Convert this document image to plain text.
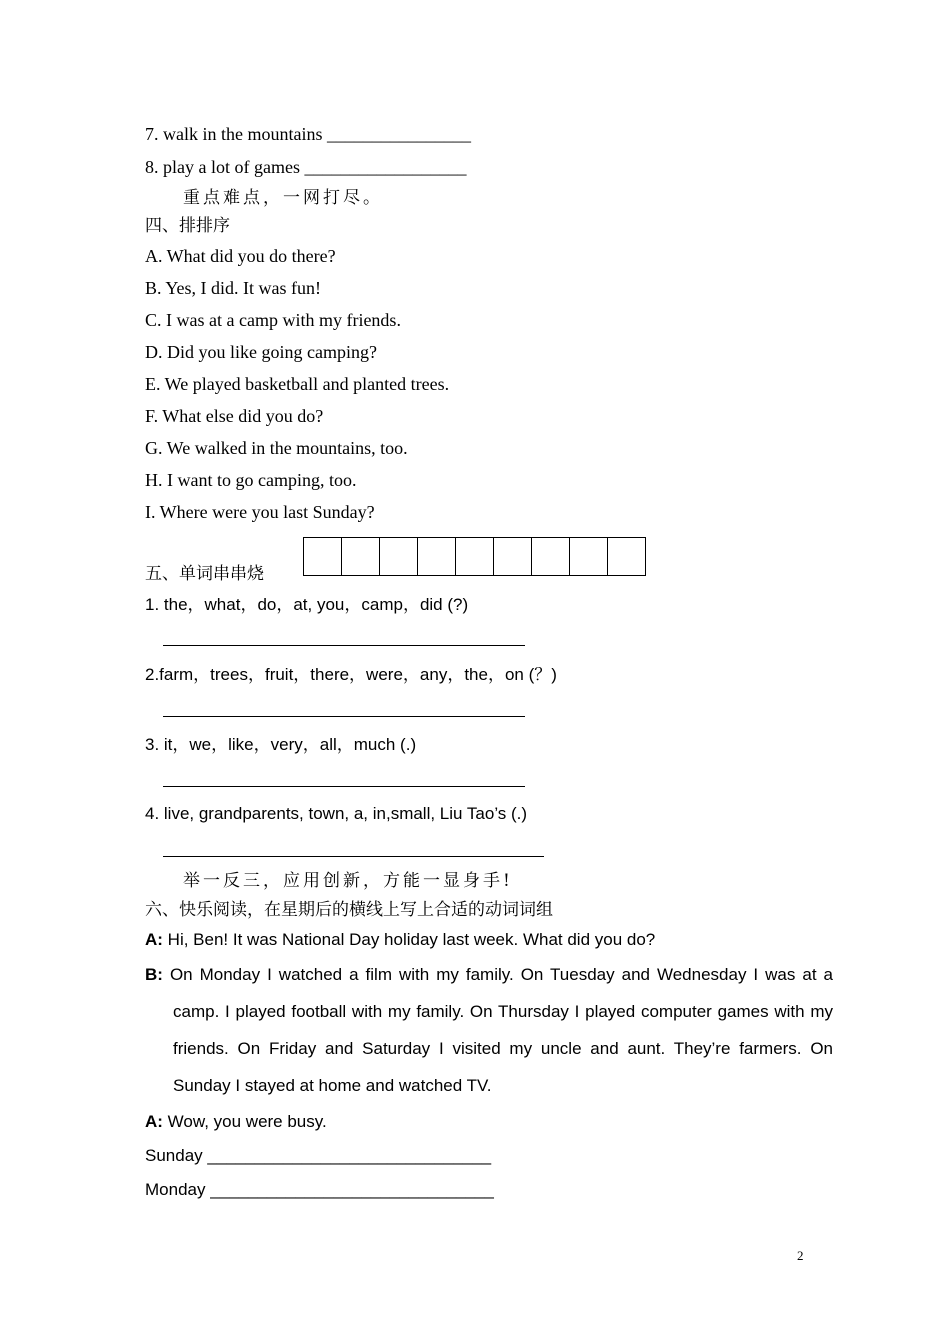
7. walk in the mountains ________________
8. play a lot of games __________________
重点难点，一网打尽。
四、排排序
A. What did you do there?
B. Yes, I did. It was fun!
C. I was at a camp with my friends.
D. Did you like going camping?
E. We played basketball and planted trees.
F. What else did you do?
G. We walked in the mountains, too.
H. I want to go camping, too.
I. Where were you last Sunday?
五、单词串串烧
1. the，what，do，at, you，camp，did (?)
2.farm，trees，fruit，there，were，any，the，on (？)
3. it，we，like，very，all，much (.)
4. live, grandparents, town, a, in,small, Liu Tao’s (.)
举一反三，应用创新，方能一显身手!
六、快乐阅读，在星期后的横线上写上合适的动词词组
A: Hi, Ben! It was National Day holiday last week. What did you do?
B: On Monday I watched a film with my family. On Tuesday and Wednesday I was at a camp. I played football with my family. On Thursday I played computer games with my friends. On Friday and Saturday I visited my uncle and aunt. They’re farmers. On Sunday I stayed at home and watched TV.
A: Wow, you were busy.
Sunday ______________________________
Monday ______________________________
2
